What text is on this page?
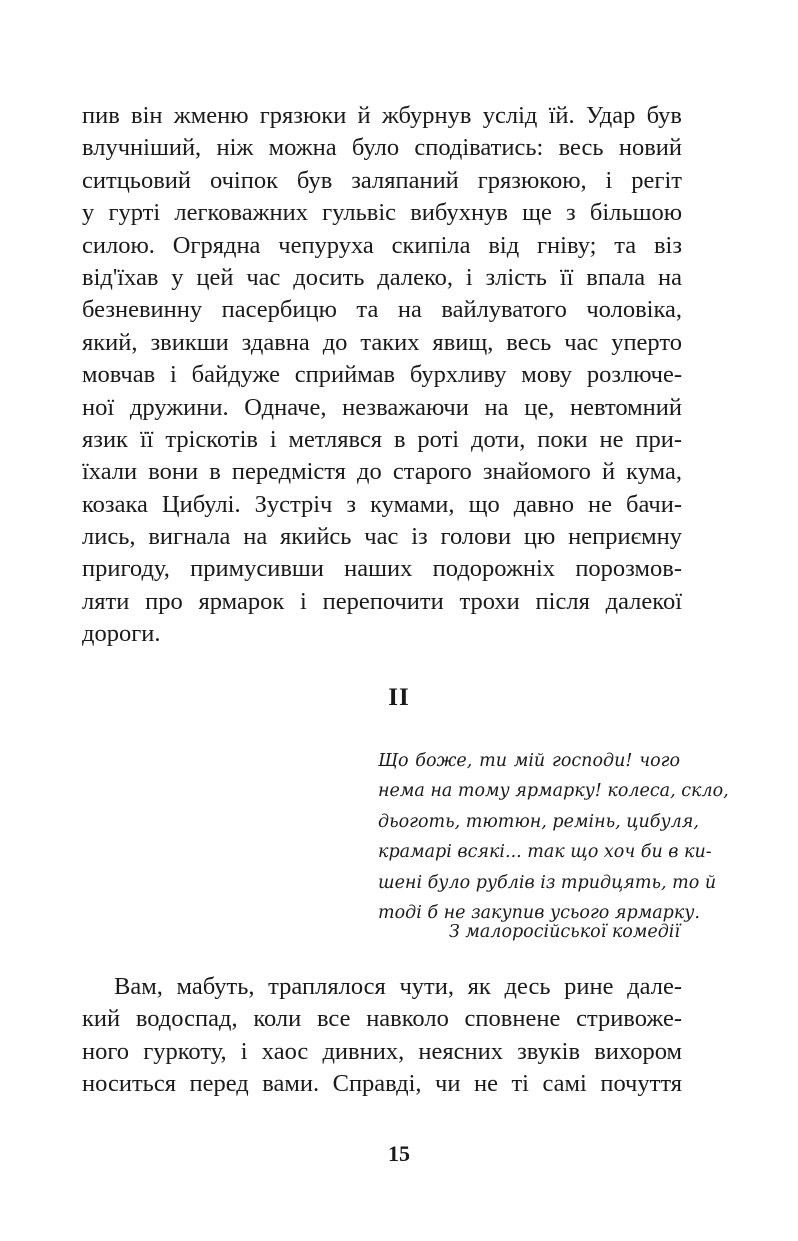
пив він жменю грязюки й жбурнув услід їй. Удар був
влучніший, ніж можна було сподіватись: весь новий
ситцьовий очіпок був заляпаний грязюкою, і регіт
у гурті легковажних гульвіс вибухнув ще з більшою
силою. Огрядна чепуруха скипіла від гніву; та віз
від'їхав у цей час досить далеко, і злість її впала на
безневинну пасербицю та на вайлуватого чоловіка,
який, звикши здавна до таких явищ, весь час уперто
мовчав і байдуже сприймав бурхливу мову розлюче-
ної дружини. Одначе, незважаючи на це, невтомний
язик її тріскотів і метлявся в роті доти, поки не при-
їхали вони в передмістя до старого знайомого й кума,
козака Цибулі. Зустріч з кумами, що давно не бачи-
лись, вигнала на якийсь час із голови цю неприємну
пригоду, примусивши наших подорожніх порозмов-
ляти про ярмарок і перепочити трохи після далекої
дороги.
II
Що боже, ти мій господи! чого
нема на тому ярмарку! колеса, скло,
дьоготь, тютюн, ремінь, цибуля,
крамарі всякі... так що хоч би в ки-
шені було рублів із тридцять, то й
тоді б не закупив усього ярмарку.
З малоросійської комедії
Вам, мабуть, траплялося чути, як десь рине дале-
кий водоспад, коли все навколо сповнене стривоже-
ного гуркоту, і хаос дивних, неясних звуків вихором
носиться перед вами. Справді, чи не ті самі почуття
15
